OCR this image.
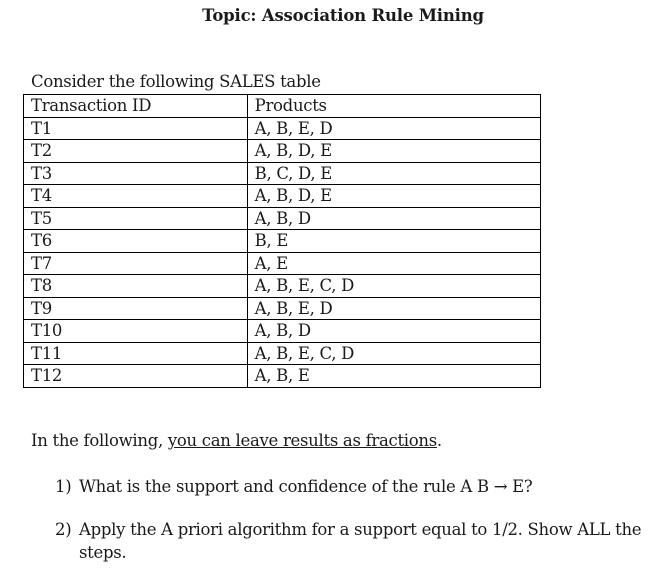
Topic: Association Rule Mining
Consider the following SALES table
Transaction ID	Products
T1	A, B, E, D
T2	A, B, D, E
T3	B, C, D, E
T4	A, B, D, E
T5	A, B, D
T6	B, E
T7	A, E
T8	A, B, E, C, D
T9	A, B, E, D
T10	A, B, D
T11	A, B, E, C, D
T12	A, B, E
In the following, you can leave results as fractions.
1) What is the support and confidence of the rule A B → E?
2) Apply the A priori algorithm for a support equal to 1/2. Show ALL the
steps.
